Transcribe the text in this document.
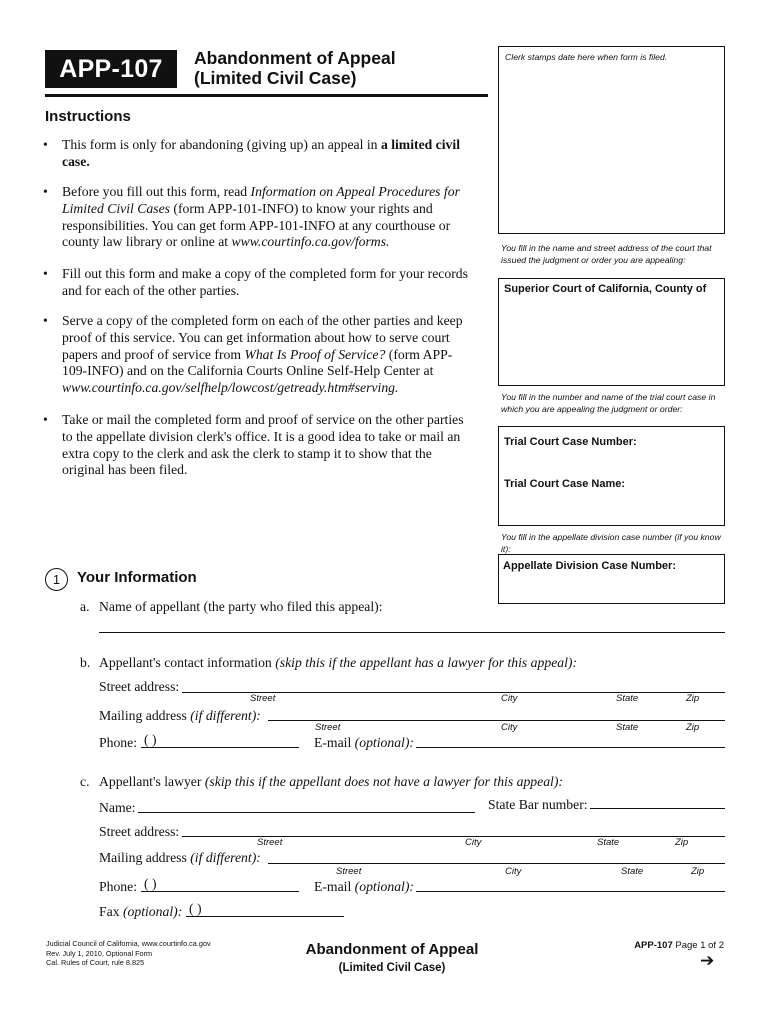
APP-107	Abandonment of Appeal
(Limited Civil Case)
Instructions
• This form is only for abandoning (giving up) an appeal in a limited civil case.
• Before you fill out this form, read Information on Appeal Procedures for Limited Civil Cases (form APP-101-INFO) to know your rights and responsibilities. You can get form APP-101-INFO at any courthouse or county law library or online at www.courtinfo.ca.gov/forms.
• Fill out this form and make a copy of the completed form for your records and for each of the other parties.
• Serve a copy of the completed form on each of the other parties and keep proof of this service. You can get information about how to serve court papers and proof of service from What Is Proof of Service? (form APP-109-INFO) and on the California Courts Online Self-Help Center at www.courtinfo.ca.gov/selfhelp/lowcost/getready.htm#serving.
• Take or mail the completed form and proof of service on the other parties to the appellate division clerk's office. It is a good idea to take or mail an extra copy to the clerk and ask the clerk to stamp it to show that the original has been filed.
Clerk stamps date here when form is filed.
You fill in the name and street address of the court that issued the judgment or order you are appealing:
Superior Court of California, County of
You fill in the number and name of the trial court case in which you are appealing the judgment or order:
Trial Court Case Number:
Trial Court Case Name:
You fill in the appellate division case number (if you know it):
Appellate Division Case Number:
1	Your Information
a. Name of appellant (the party who filed this appeal):
b. Appellant's contact information (skip this if the appellant has a lawyer for this appeal):
Street address:
Street	City	State	Zip
Mailing address (if different):
Street	City	State	Zip
Phone: ( )	E-mail (optional):
c. Appellant's lawyer (skip this if the appellant does not have a lawyer for this appeal):
Name:	State Bar number:
Street address:
Street	City	State	Zip
Mailing address (if different):
Street	City	State	Zip
Phone: ( )	E-mail (optional):
Fax (optional): ( )
Judicial Council of California, www.courtinfo.ca.gov
Rev. July 1, 2010, Optional Form
Cal. Rules of Court, rule 8.825
Abandonment of Appeal
(Limited Civil Case)
APP-107 Page 1 of 2
➔
